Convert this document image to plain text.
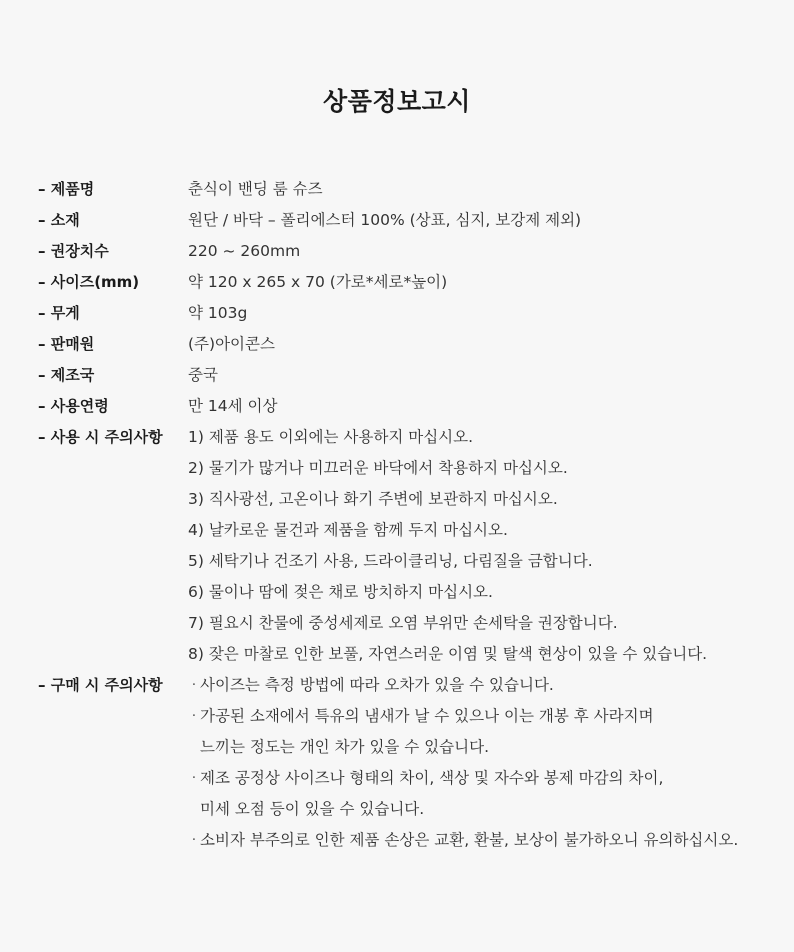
상품정보고시
– 제품명	춘식이 밴딩 룸 슈즈
– 소재	원단 / 바닥 – 폴리에스터 100% (상표, 심지, 보강제 제외)
– 권장치수	220 ~ 260mm
– 사이즈(mm)	약 120 x 265 x 70 (가로*세로*높이)
– 무게	약 103g
– 판매원	(주)아이콘스
– 제조국	중국
– 사용연령	만 14세 이상
– 사용 시 주의사항	1) 제품 용도 이외에는 사용하지 마십시오.
2) 물기가 많거나 미끄러운 바닥에서 착용하지 마십시오.
3) 직사광선, 고온이나 화기 주변에 보관하지 마십시오.
4) 날카로운 물건과 제품을 함께 두지 마십시오.
5) 세탁기나 건조기 사용, 드라이클리닝, 다림질을 금합니다.
6) 물이나 땀에 젖은 채로 방치하지 마십시오.
7) 필요시 찬물에 중성세제로 오염 부위만 손세탁을 권장합니다.
8) 잦은 마찰로 인한 보풀, 자연스러운 이염 및 탈색 현상이 있을 수 있습니다.
– 구매 시 주의사항	· 사이즈는 측정 방법에 따라 오차가 있을 수 있습니다.
· 가공된 소재에서 특유의 냄새가 날 수 있으나 이는 개봉 후 사라지며
느끼는 정도는 개인 차가 있을 수 있습니다.
· 제조 공정상 사이즈나 형태의 차이, 색상 및 자수와 봉제 마감의 차이,
미세 오점 등이 있을 수 있습니다.
· 소비자 부주의로 인한 제품 손상은 교환, 환불, 보상이 불가하오니 유의하십시오.
